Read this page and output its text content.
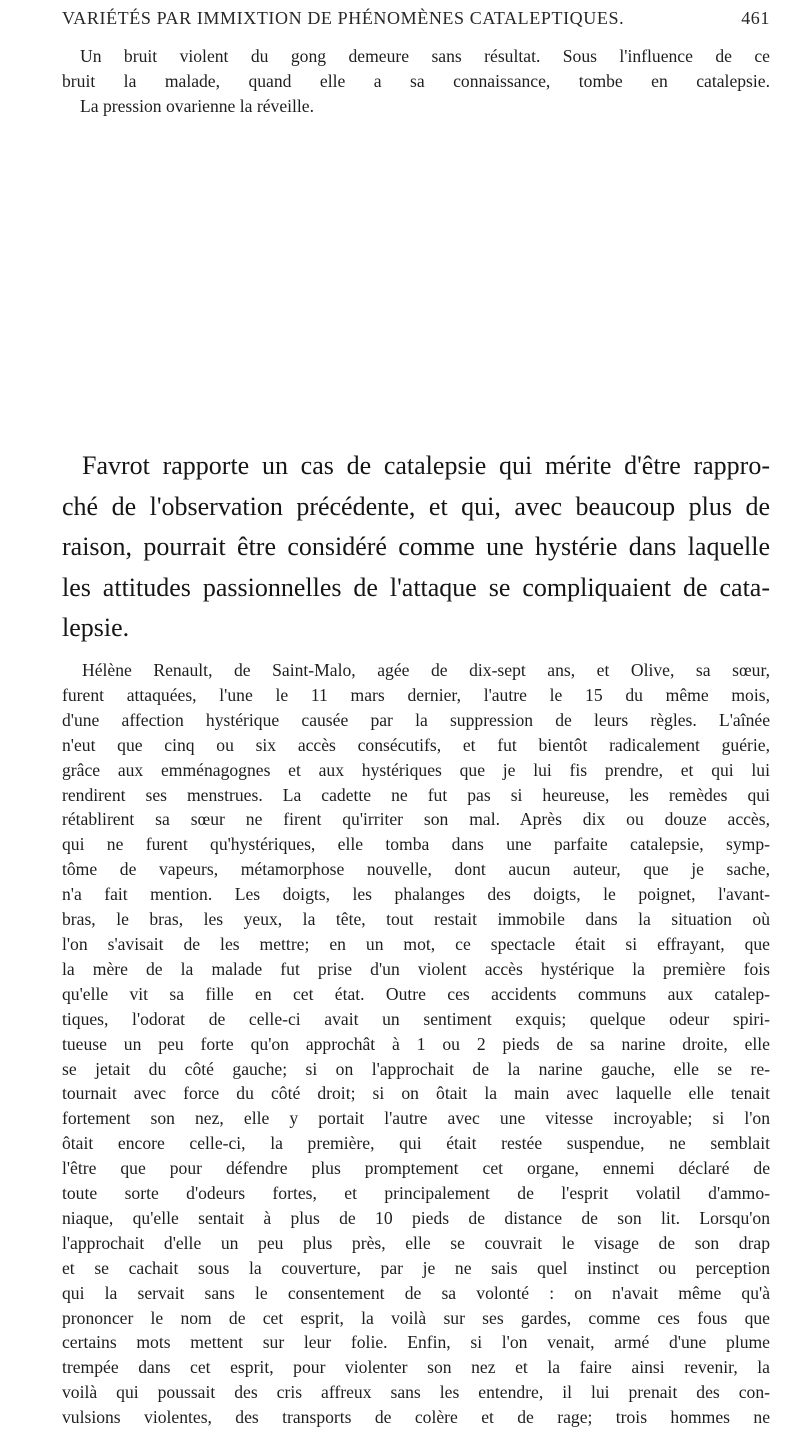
VARIÉTÉS PAR IMMIXTION DE PHÉNOMÈNES CATALEPTIQUES.	461

Un bruit violent du gong demeure sans résultat. Sous l'influence de ce
bruit la malade, quand elle a sa connaissance, tombe en catalepsie.
La pression ovarienne la réveille.

Favrot rapporte un cas de catalepsie qui mérite d'être rappro-
ché de l'observation précédente, et qui, avec beaucoup plus de
raison, pourrait être considéré comme une hystérie dans laquelle
les attitudes passionnelles de l'attaque se compliquaient de cata-
lepsie.

Hélène Renault, de Saint-Malo, agée de dix-sept ans, et Olive, sa sœur,
furent attaquées, l'une le 11 mars dernier, l'autre le 15 du même mois,
d'une affection hystérique causée par la suppression de leurs règles. L'aînée
n'eut que cinq ou six accès consécutifs, et fut bientôt radicalement guérie,
grâce aux emménagognes et aux hystériques que je lui fis prendre, et qui lui
rendirent ses menstrues. La cadette ne fut pas si heureuse, les remèdes qui
rétablirent sa sœur ne firent qu'irriter son mal. Après dix ou douze accès,
qui ne furent qu'hystériques, elle tomba dans une parfaite catalepsie, symp-
tôme de vapeurs, métamorphose nouvelle, dont aucun auteur, que je sache,
n'a fait mention. Les doigts, les phalanges des doigts, le poignet, l'avant-
bras, le bras, les yeux, la tête, tout restait immobile dans la situation où
l'on s'avisait de les mettre; en un mot, ce spectacle était si effrayant, que
la mère de la malade fut prise d'un violent accès hystérique la première fois
qu'elle vit sa fille en cet état. Outre ces accidents communs aux catalep-
tiques, l'odorat de celle-ci avait un sentiment exquis; quelque odeur spiri-
tueuse un peu forte qu'on approchât à 1 ou 2 pieds de sa narine droite, elle
se jetait du côté gauche; si on l'approchait de la narine gauche, elle se re-
tournait avec force du côté droit; si on ôtait la main avec laquelle elle tenait
fortement son nez, elle y portait l'autre avec une vitesse incroyable; si l'on
ôtait encore celle-ci, la première, qui était restée suspendue, ne semblait
l'être que pour défendre plus promptement cet organe, ennemi déclaré de
toute sorte d'odeurs fortes, et principalement de l'esprit volatil d'ammo-
niaque, qu'elle sentait à plus de 10 pieds de distance de son lit. Lorsqu'on
l'approchait d'elle un peu plus près, elle se couvrait le visage de son drap
et se cachait sous la couverture, par je ne sais quel instinct ou perception
qui la servait sans le consentement de sa volonté : on n'avait même qu'à
prononcer le nom de cet esprit, la voilà sur ses gardes, comme ces fous que
certains mots mettent sur leur folie. Enfin, si l'on venait, armé d'une plume
trempée dans cet esprit, pour violenter son nez et la faire ainsi revenir, la
voilà qui poussait des cris affreux sans les entendre, il lui prenait des con-
vulsions violentes, des transports de colère et de rage; trois hommes ne
